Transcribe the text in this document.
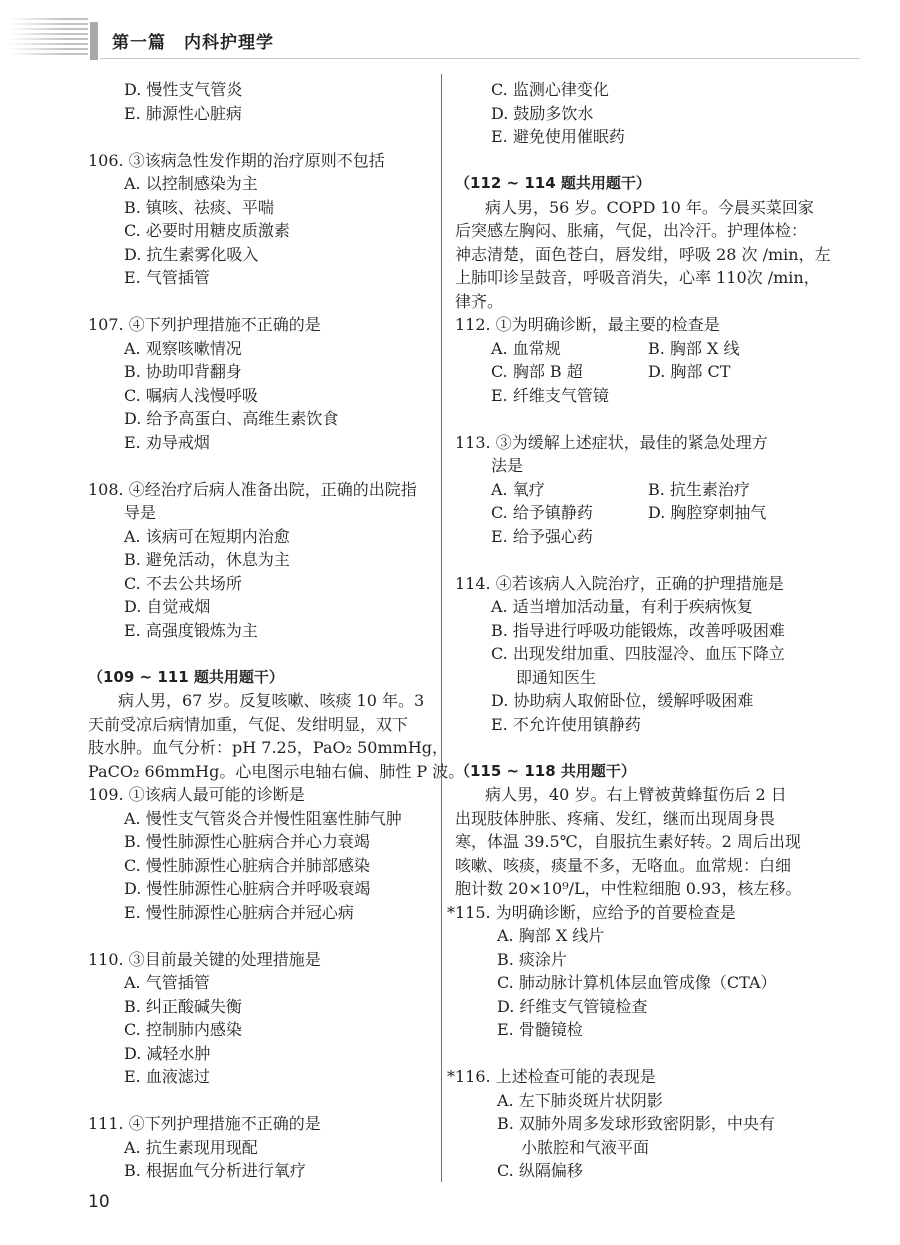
第一篇　内科护理学
D. 慢性支气管炎
E. 肺源性心脏病
106. ③该病急性发作期的治疗原则不包括
A. 以控制感染为主
B. 镇咳、祛痰、平喘
C. 必要时用糖皮质激素
D. 抗生素雾化吸入
E. 气管插管
107. ④下列护理措施不正确的是
A. 观察咳嗽情况
B. 协助叩背翻身
C. 嘱病人浅慢呼吸
D. 给予高蛋白、高维生素饮食
E. 劝导戒烟
108. ④经治疗后病人准备出院，正确的出院指
导是
A. 该病可在短期内治愈
B. 避免活动，休息为主
C. 不去公共场所
D. 自觉戒烟
E. 高强度锻炼为主
（109 ~ 111 题共用题干）
病人男，67 岁。反复咳嗽、咳痰 10 年。3
天前受凉后病情加重，气促、发绀明显，双下
肢水肿。血气分析：pH 7.25，PaO₂ 50mmHg，
PaCO₂ 66mmHg。心电图示电轴右偏、肺性 P 波。
109. ①该病人最可能的诊断是
A. 慢性支气管炎合并慢性阻塞性肺气肿
B. 慢性肺源性心脏病合并心力衰竭
C. 慢性肺源性心脏病合并肺部感染
D. 慢性肺源性心脏病合并呼吸衰竭
E. 慢性肺源性心脏病合并冠心病
110. ③目前最关键的处理措施是
A. 气管插管
B. 纠正酸碱失衡
C. 控制肺内感染
D. 减轻水肿
E. 血液滤过
111. ④下列护理措施不正确的是
A. 抗生素现用现配
B. 根据血气分析进行氧疗
C. 监测心律变化
D. 鼓励多饮水
E. 避免使用催眠药
（112 ~ 114 题共用题干）
病人男，56 岁。COPD 10 年。今晨买菜回家
后突感左胸闷、胀痛，气促，出冷汗。护理体检：
神志清楚，面色苍白，唇发绀，呼吸 28 次 /min，左
上肺叩诊呈鼓音，呼吸音消失，心率 110次 /min，
律齐。
112. ①为明确诊断，最主要的检查是
A. 血常规	B. 胸部 X 线
C. 胸部 B 超	D. 胸部 CT
E. 纤维支气管镜
113. ③为缓解上述症状，最佳的紧急处理方
法是
A. 氧疗	B. 抗生素治疗
C. 给予镇静药	D. 胸腔穿刺抽气
E. 给予强心药
114. ④若该病人入院治疗，正确的护理措施是
A. 适当增加活动量，有利于疾病恢复
B. 指导进行呼吸功能锻炼，改善呼吸困难
C. 出现发绀加重、四肢湿冷、血压下降立
即通知医生
D. 协助病人取俯卧位，缓解呼吸困难
E. 不允许使用镇静药
（115 ~ 118 共用题干）
病人男，40 岁。右上臂被黄蜂蜇伤后 2 日
出现肢体肿胀、疼痛、发红，继而出现周身畏
寒，体温 39.5℃，自服抗生素好转。2 周后出现
咳嗽、咳痰，痰量不多，无咯血。血常规：白细
胞计数 20×10⁹/L，中性粒细胞 0.93，核左移。
*115. 为明确诊断，应给予的首要检查是
A. 胸部 X 线片
B. 痰涂片
C. 肺动脉计算机体层血管成像（CTA）
D. 纤维支气管镜检查
E. 骨髓镜检
*116. 上述检查可能的表现是
A. 左下肺炎斑片状阴影
B. 双肺外周多发球形致密阴影，中央有
小脓腔和气液平面
C. 纵隔偏移
10
